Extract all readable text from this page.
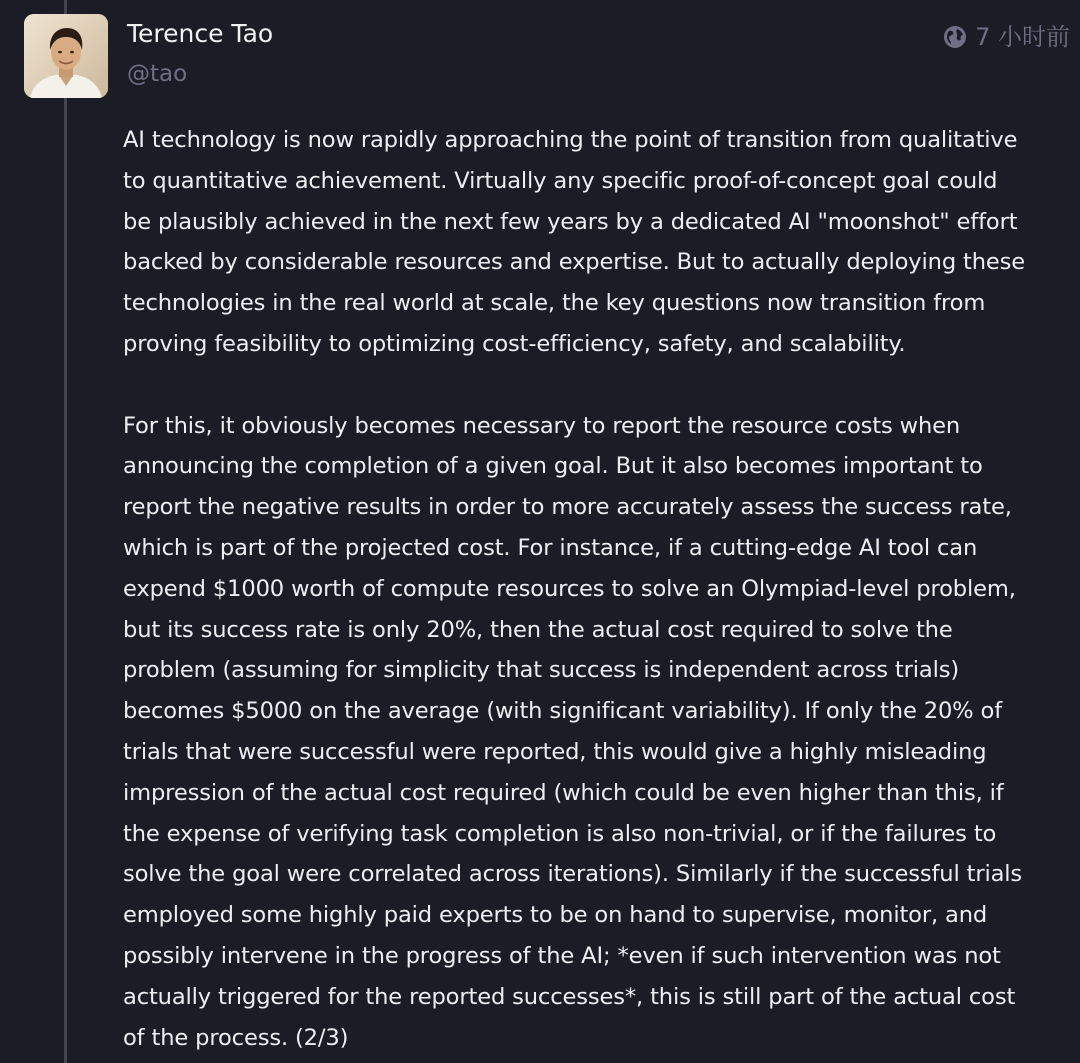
Terence Tao
@tao
7 小时前

AI technology is now rapidly approaching the point of transition from qualitative
to quantitative achievement. Virtually any specific proof-of-concept goal could
be plausibly achieved in the next few years by a dedicated AI "moonshot" effort
backed by considerable resources and expertise. But to actually deploying these
technologies in the real world at scale, the key questions now transition from
proving feasibility to optimizing cost-efficiency, safety, and scalability.

For this, it obviously becomes necessary to report the resource costs when
announcing the completion of a given goal. But it also becomes important to
report the negative results in order to more accurately assess the success rate,
which is part of the projected cost. For instance, if a cutting-edge AI tool can
expend $1000 worth of compute resources to solve an Olympiad-level problem,
but its success rate is only 20%, then the actual cost required to solve the
problem (assuming for simplicity that success is independent across trials)
becomes $5000 on the average (with significant variability). If only the 20% of
trials that were successful were reported, this would give a highly misleading
impression of the actual cost required (which could be even higher than this, if
the expense of verifying task completion is also non-trivial, or if the failures to
solve the goal were correlated across iterations). Similarly if the successful trials
employed some highly paid experts to be on hand to supervise, monitor, and
possibly intervene in the progress of the AI; *even if such intervention was not
actually triggered for the reported successes*, this is still part of the actual cost
of the process. (2/3)
